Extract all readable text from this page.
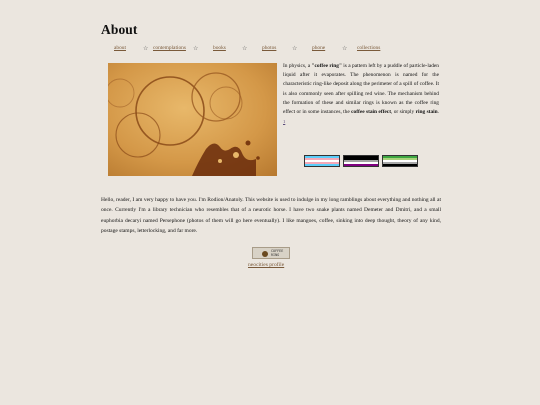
About
about	☆ contemplations ☆	books	☆	photos	☆	phone	☆ collections
In physics, a "coffee ring" is a pattern left by a puddle of particle-laden liquid after it evaporates. The phenomenon is named for the characteristic ring-like deposit along the perimeter of a spill of coffee. It is also commonly seen after spilling red wine. The mechanism behind the formation of these and similar rings is known as the coffee ring effect or in some instances, the coffee stain effect, or simply ring stain. $^1$

Hello, reader, I am very happy to have you. I'm Rodion/Anatoly. This website is used to indulge in my long ramblings about everything and nothing all at once. Currently I'm a library technician who resembles that of a neurotic horse. I have two snake plants named Demeter and Dmitri, and a small euphorbia decaryi named Persephone (photos of them will go here eventually). I like mangoes, coffee, sinking into deep thought, theory of any kind, postage stamps, letterlocking, and far more.

COFFEE
RING
neocities profile
